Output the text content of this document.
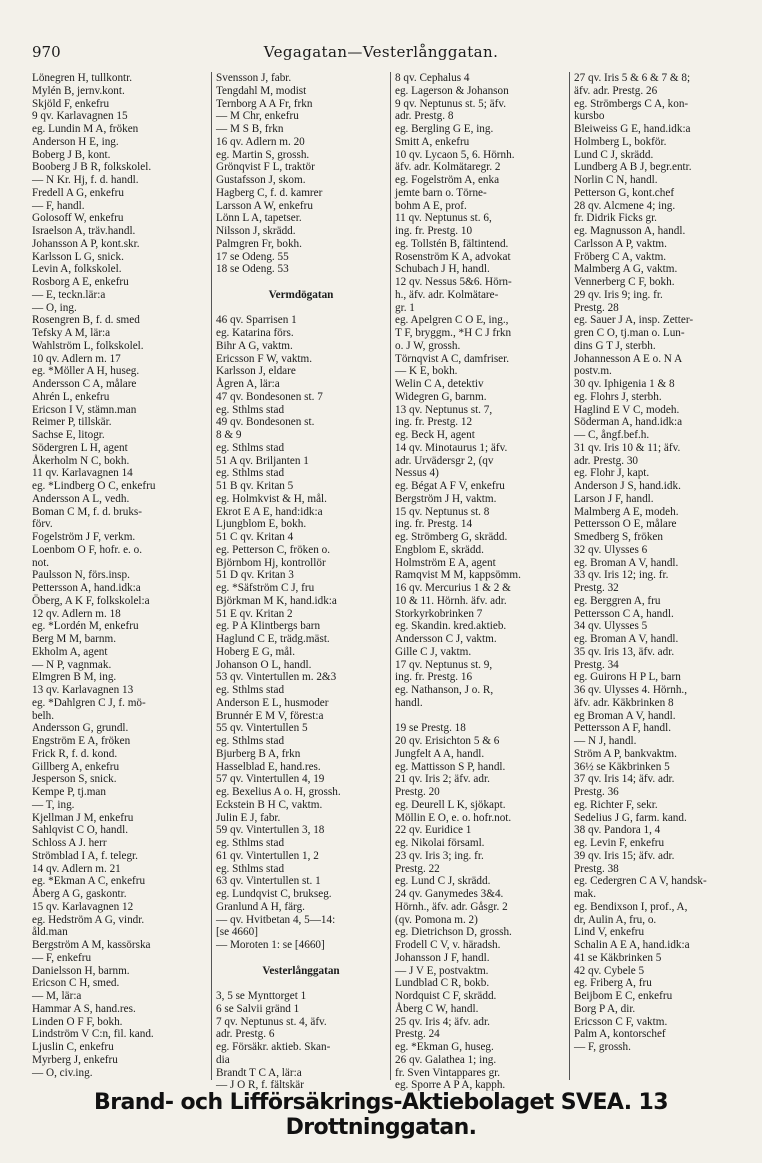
970	Vegagatan—Vesterlånggatan.
Lönegren H, tullkontr.
Mylén B, jernv.kont.
Skjöld F, enkefru
9 qv. Karlavagnen 15
eg. Lundin M A, fröken
Anderson H E, ing.
Boberg J B, kont.
Booberg J B R, folkskolel.
— N Kr. Hj, f. d. handl.
Fredell A G, enkefru
— F, handl.
Golosoff W, enkefru
Israelson A, träv.handl.
Johansson A P, kont.skr.
Karlsson L G, snick.
Levin A, folkskolel.
Rosborg A E, enkefru
— E, teckn.lär:a
— O, ing.
Rosengren B, f. d. smed
Tefsky A M, lär:a
Wahlström L, folkskolel.
10 qv. Adlern m. 17
eg. *Möller A H, huseg.
Andersson C A, målare
Ahrén L, enkefru
Ericson I V, stämn.man
Reimer P, tillskär.
Sachse E, litogr.
Södergren L H, agent
Åkerholm N C, bokh.
11 qv. Karlavagnen 14
eg. *Lindberg O C, enkefru
Andersson A L, vedh.
Boman C M, f. d. bruks-
förv.
Fogelström J F, verkm.
Loenbom O F, hofr. e. o.
not.
Paulsson N, förs.insp.
Pettersson A, hand.idk:a
Öberg, A K F, folkskolel:a
12 qv. Adlern m. 18
eg. *Lordén M, enkefru
Berg M M, barnm.
Ekholm A, agent
— N P, vagnmak.
Elmgren B M, ing.
13 qv. Karlavagnen 13
eg. *Dahlgren C J, f. mö-
belh.
Andersson G, grundl.
Engström E A, fröken
Frick R, f. d. kond.
Gillberg A, enkefru
Jesperson S, snick.
Kempe P, tj.man
— T, ing.
Kjellman J M, enkefru
Sahlqvist C O, handl.
Schloss A J. herr
Strömblad I A, f. telegr.
14 qv. Adlern m. 21
eg. *Ekman A C, enkefru
Åberg A G, gaskontr.
15 qv. Karlavagnen 12
eg. Hedström A G, vindr.
åld.man
Bergström A M, kassörska
— F, enkefru
Danielsson H, barnm.
Ericson C H, smed.
— M, lär:a
Hammar A S, hand.res.
Linden O F F, bokh.
Lindström V C:n, fil. kand.
Ljuslin C, enkefru
Myrberg J, enkefru
— O, civ.ing.
Svensson J, fabr.
Tengdahl M, modist
Ternborg A A Fr, frkn
— M Chr, enkefru
— M S B, frkn
16 qv. Adlern m. 20
eg. Martin S, grossh.
Grönqvist F L, traktör
Gustafsson J, skom.
Hagberg C, f. d. kamrer
Larsson A W, enkefru
Lönn L A, tapetser.
Nilsson J, skrädd.
Palmgren Fr, bokh.
17 se Odeng. 55
18 se Odeng. 53

Vermdögatan

46 qv. Sparrisen 1
eg. Katarina förs.
Bihr A G, vaktm.
Ericsson F W, vaktm.
Karlsson J, eldare
Ågren A, lär:a
47 qv. Bondesonen st. 7
eg. Sthlms stad
49 qv. Bondesonen st.
8 & 9
eg. Sthlms stad
51 A qv. Briljanten 1
eg. Sthlms stad
51 B qv. Kritan 5
eg. Holmkvist & H, mål.
Ekrot E A E, hand:idk:a
Ljungblom E, bokh.
51 C qv. Kritan 4
eg. Petterson C, fröken o.
Björnbom Hj, kontrollör
51 D qv. Kritan 3
eg. *Säfström C J, fru
Björkman M K, hand.idk:a
51 E qv. Kritan 2
eg. P A Klintbergs barn
Haglund C E, trädg.mäst.
Hoberg E G, mål.
Johanson O L, handl.
53 qv. Vintertullen m. 2&3
eg. Sthlms stad
Anderson E L, husmoder
Brunnér E M V, förest:a
55 qv. Vintertullen 5
eg. Sthlms stad
Bjurberg B A, frkn
Hasselblad E, hand.res.
57 qv. Vintertullen 4, 19
eg. Bexelius A o. H, grossh.
Eckstein B H C, vaktm.
Julin E J, fabr.
59 qv. Vintertullen 3, 18
eg. Sthlms stad
61 qv. Vintertullen 1, 2
eg. Sthlms stad
63 qv. Vintertullen st. 1
eg. Lundqvist C, brukseg.
Granlund A H, färg.
— qv. Hvitbetan 4, 5—14:
[se 4660]
— Moroten 1: se [4660]

Vesterlånggatan

3, 5 se Mynttorget 1
6 se Salvii gränd 1
7 qv. Neptunus st. 4, äfv.
adr. Prestg. 6
eg. Försäkr. aktieb. Skan-
dia
Brandt T C A, lär:a
— J O R, f. fältskär
8 qv. Cephalus 4
eg. Lagerson & Johanson
9 qv. Neptunus st. 5; äfv.
adr. Prestg. 8
eg. Bergling G E, ing.
Smitt A, enkefru
10 qv. Lycaon 5, 6. Hörnh.
äfv. adr. Kolmätaregr. 2
eg. Fogelström A, enka
jemte barn o. Törne-
bohm A E, prof.
11 qv. Neptunus st. 6,
ing. fr. Prestg. 10
eg. Tollstén B, fältintend.
Rosenström K A, advokat
Schubach J H, handl.
12 qv. Nessus 5&6. Hörn-
h., äfv. adr. Kolmätare-
gr. 1
eg. Apelgren C O E, ing.,
T F, bryggm., *H C J frkn
o. J W, grossh.
Törnqvist A C, damfriser.
— K E, bokh.
Welin C A, detektiv
Widegren G, barnm.
13 qv. Neptunus st. 7,
ing. fr. Prestg. 12
eg. Beck H, agent
14 qv. Minotaurus 1; äfv.
adr. Urvädersgr 2, (qv
Nessus 4)
eg. Bégat A F V, enkefru
Bergström J H, vaktm.
15 qv. Neptunus st. 8
ing. fr. Prestg. 14
eg. Strömberg G, skrädd.
Engblom E, skrädd.
Holmström E A, agent
Ramqvist M M, kappsömm.
16 qv. Mercurius 1 & 2 &
10 & 11. Hörnh. äfv. adr.
Storkyrkobrinken 7
eg. Skandin. kred.aktieb.
Andersson C J, vaktm.
Gille C J, vaktm.
17 qv. Neptunus st. 9,
ing. fr. Prestg. 16
eg. Nathanson, J o. R,
handl.

19 se Prestg. 18
20 qv. Erisichton 5 & 6
Jungfelt A A, handl.
eg. Mattisson S P, handl.
21 qv. Iris 2; äfv. adr.
Prestg. 20
eg. Deurell L K, sjökapt.
Möllin E O, e. o. hofr.not.
22 qv. Euridice 1
eg. Nikolai församl.
23 qv. Iris 3; ing. fr.
Prestg. 22
eg. Lund C J, skrädd.
24 qv. Ganymedes 3&4.
Hörnh., äfv. adr. Gåsgr. 2
(qv. Pomona m. 2)
eg. Dietrichson D, grossh.
Frodell C V, v. häradsh.
Johansson J F, handl.
— J V E, postvaktm.
Lundblad C R, bokb.
Nordquist C F, skrädd.
Åberg C W, handl.
25 qv. Iris 4; äfv. adr.
Prestg. 24
eg. *Ekman G, huseg.
26 qv. Galathea 1; ing.
fr. Sven Vintappares gr.
eg. Sporre A P A, kapph.
27 qv. Iris 5 & 6 & 7 & 8;
äfv. adr. Prestg. 26
eg. Strömbergs C A, kon-
kursbo
Bleiweiss G E, hand.idk:a
Holmberg L, bokför.
Lund C J, skrädd.
Lundberg A B J, begr.entr.
Norlin C N, handl.
Petterson G, kont.chef
28 qv. Alcmene 4; ing.
fr. Didrik Ficks gr.
eg. Magnusson A, handl.
Carlsson A P, vaktm.
Fröberg C A, vaktm.
Malmberg A G, vaktm.
Vennerberg C F, bokh.
29 qv. Iris 9; ing. fr.
Prestg. 28
eg. Sauer J A, insp. Zetter-
gren C O, tj.man o. Lun-
dins G T J, sterbh.
Johannesson A E o. N A
postv.m.
30 qv. Iphigenia 1 & 8
eg. Flohrs J, sterbh.
Haglind E V C, modeh.
Söderman A, hand.idk:a
— C, ångf.bef.h.
31 qv. Iris 10 & 11; äfv.
adr. Prestg. 30
eg. Flohr J, kapt.
Anderson J S, hand.idk.
Larson J F, handl.
Malmberg A E, modeh.
Pettersson O E, målare
Smedberg S, fröken
32 qv. Ulysses 6
eg. Broman A V, handl.
33 qv. Iris 12; ing. fr.
Prestg. 32
eg. Berggren A, fru
Pettersson C A, handl.
34 qv. Ulysses 5
eg. Broman A V, handl.
35 qv. Iris 13, äfv. adr.
Prestg. 34
eg. Guirons H P L, barn
36 qv. Ulysses 4. Hörnh.,
äfv. adr. Käkbrinken 8
eg Broman A V, handl.
Pettersson A F, handl.
— N J, handl.
Ström A P, bankvaktm.
36½ se Käkbrinken 5
37 qv. Iris 14; äfv. adr.
Prestg. 36
eg. Richter F, sekr.
Sedelius J G, farm. kand.
38 qv. Pandora 1, 4
eg. Levin F, enkefru
39 qv. Iris 15; äfv. adr.
Prestg. 38
eg. Cedergren C A V, handsk-
mak.
eg. Bendixson I, prof., A,
dr, Aulin A, fru, o.
Lind V, enkefru
Schalin A E A, hand.idk:a
41 se Käkbrinken 5
42 qv. Cybele 5
eg. Friberg A, fru
Beijbom E C, enkefru
Borg P A, dir.
Ericsson C F, vaktm.
Palm A, kontorschef
— F, grossh.
Brand- och Lifförsäkrings-Aktiebolaget SVEA. 13 Drottninggatan.
